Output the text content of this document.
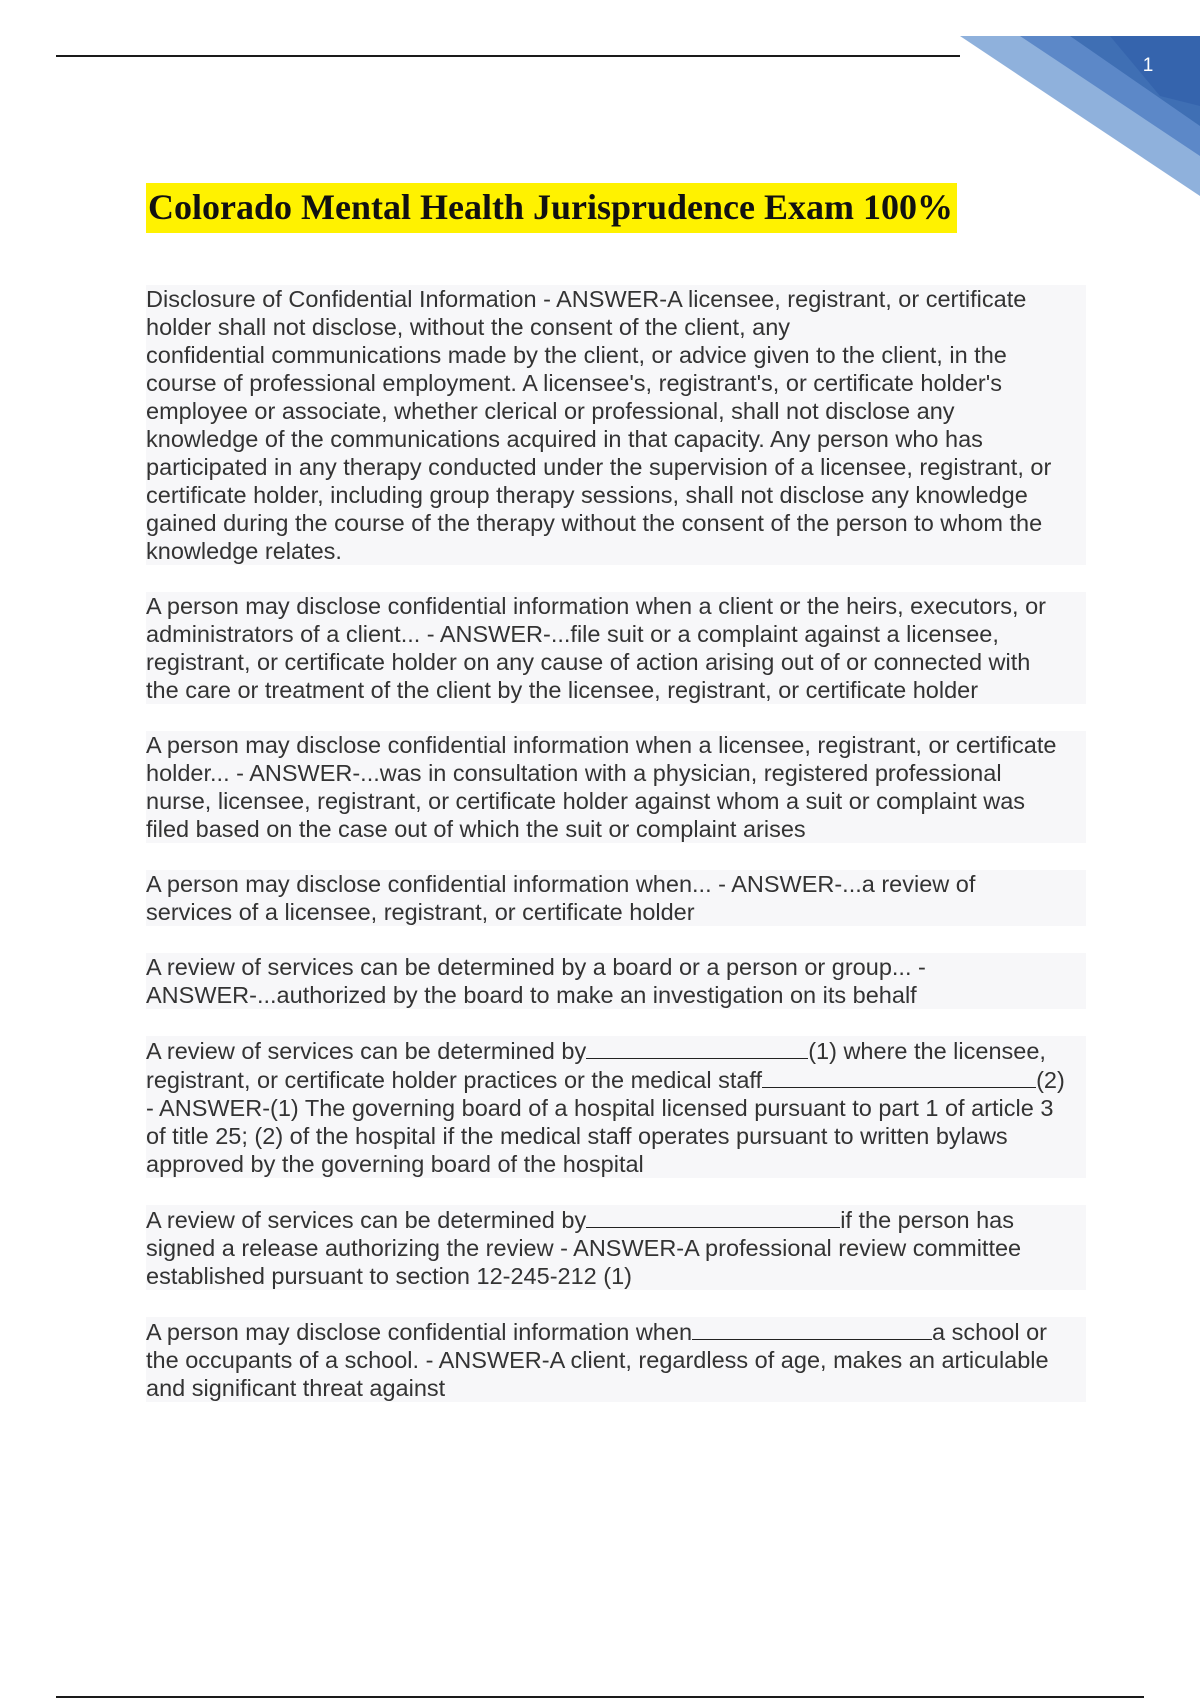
1
Colorado Mental Health Jurisprudence Exam 100%

Disclosure of Confidential Information - ANSWER-A licensee, registrant, or certificate
holder shall not disclose, without the consent of the client, any
confidential communications made by the client, or advice given to the client, in the
course of professional employment. A licensee's, registrant's, or certificate holder's
employee or associate, whether clerical or professional, shall not disclose any
knowledge of the communications acquired in that capacity. Any person who has
participated in any therapy conducted under the supervision of a licensee, registrant, or
certificate holder, including group therapy sessions, shall not disclose any knowledge
gained during the course of the therapy without the consent of the person to whom the
knowledge relates.

A person may disclose confidential information when a client or the heirs, executors, or
administrators of a client... - ANSWER-...file suit or a complaint against a licensee,
registrant, or certificate holder on any cause of action arising out of or connected with
the care or treatment of the client by the licensee, registrant, or certificate holder

A person may disclose confidential information when a licensee, registrant, or certificate
holder... - ANSWER-...was in consultation with a physician, registered professional
nurse, licensee, registrant, or certificate holder against whom a suit or complaint was
filed based on the case out of which the suit or complaint arises

A person may disclose confidential information when... - ANSWER-...a review of
services of a licensee, registrant, or certificate holder

A review of services can be determined by a board or a person or group... -
ANSWER-...authorized by the board to make an investigation on its behalf

A review of services can be determined by	(1) where the licensee,
registrant, or certificate holder practices or the medical staff	(2)
- ANSWER-(1) The governing board of a hospital licensed pursuant to part 1 of article 3
of title 25; (2) of the hospital if the medical staff operates pursuant to written bylaws
approved by the governing board of the hospital

A review of services can be determined by	if the person has
signed a release authorizing the review - ANSWER-A professional review committee
established pursuant to section 12-245-212 (1)

A person may disclose confidential information when	a school or
the occupants of a school. - ANSWER-A client, regardless of age, makes an articulable
and significant threat against
